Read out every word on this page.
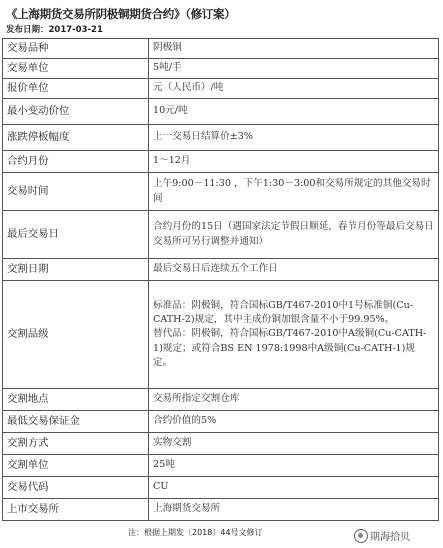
《上海期货交易所阴极铜期货合约》（修订案）
发布日期：2017-03-21
交易品种	阴极铜
交易单位	5吨/手
报价单位	元（人民币）/吨
最小变动价位	10元/吨
涨跌停板幅度	上一交易日结算价±3%
合约月份	1～12月
交易时间	上午9:00－11:30 ，下午1:30－3:00和交易所规定的其他交易时间
最后交易日	合约月份的15日（遇国家法定节假日顺延，春节月份等最后交易日交易所可另行调整并通知）
交割日期	最后交易日后连续五个工作日
交割品级	标准品：阴极铜，符合国标GB/T467-2010中1号标准铜(Cu-CATH-2)规定，其中主成份铜加银含量不小于99.95%。
替代品：阴极铜，符合国标GB/T467-2010中A级铜(Cu-CATH-1)规定；或符合BS EN 1978:1998中A级铜(Cu-CATH-1)规定。
交割地点	交易所指定交割仓库
最低交易保证金	合约价值的5%
交割方式	实物交割
交割单位	25吨
交易代码	CU
上市交易所	上海期货交易所
注：根据上期发〔2018〕44号文修订	期海拾贝
